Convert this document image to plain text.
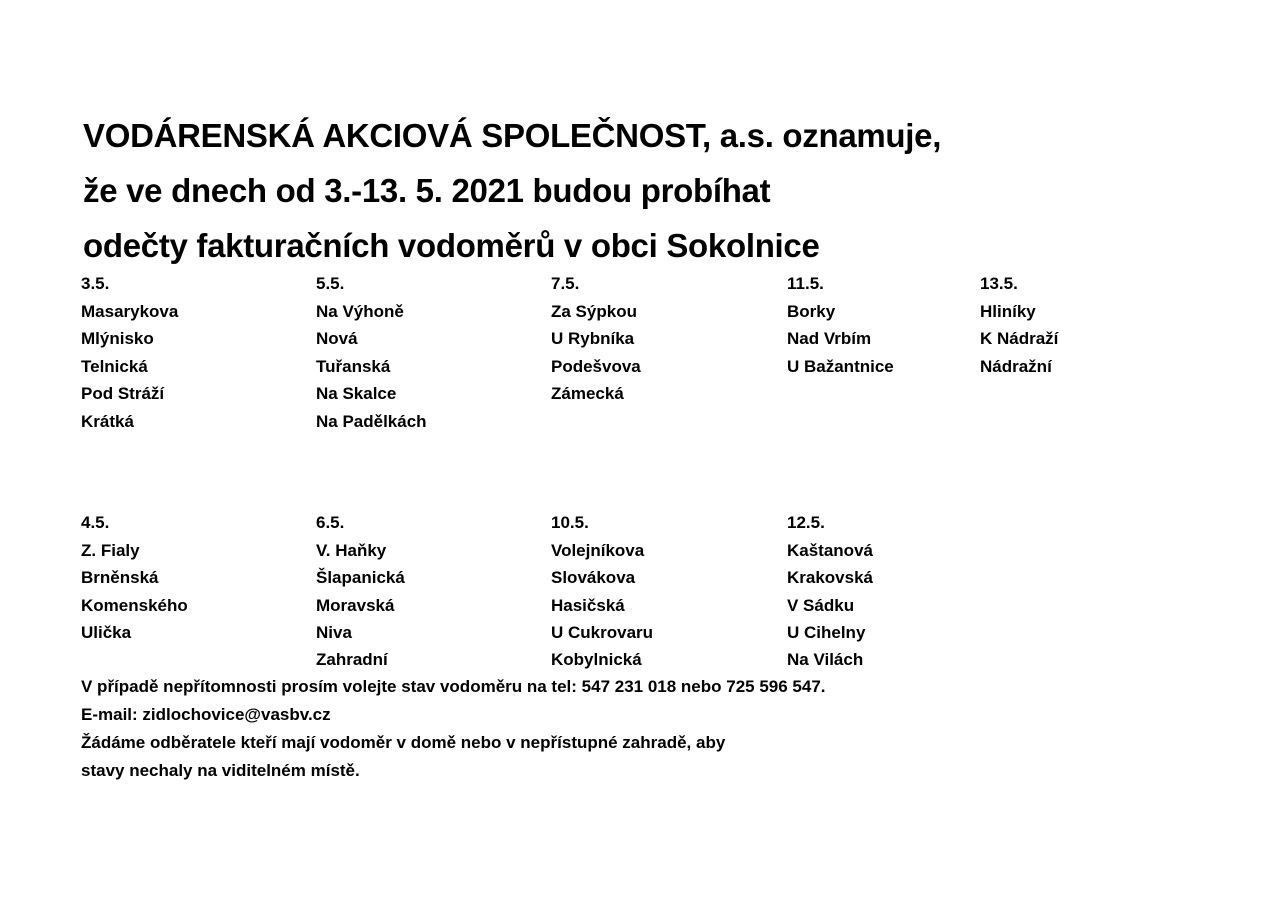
VODÁRENSKÁ AKCIOVÁ SPOLEČNOST, a.s. oznamuje,
že ve dnech od 3.-13. 5. 2021 budou probíhat
odečty fakturačních vodoměrů v obci Sokolnice
3.5.
Masarykova
Mlýnisko
Telnická
Pod Stráží
Krátká
5.5.
Na Výhoně
Nová
Tuřanská
Na Skalce
Na Padělkách
7.5.
Za Sýpkou
U Rybníka
Podešvova
Zámecká
11.5.
Borky
Nad Vrbím
U Bažantnice
13.5.
Hliníky
K Nádraží
Nádražní
4.5.
Z. Fialy
Brněnská
Komenského
Ulička
6.5.
V. Haňky
Šlapanická
Moravská
Niva
Zahradní
10.5.
Volejníkova
Slovákova
Hasičská
U Cukrovaru
Kobylnická
12.5.
Kaštanová
Krakovská
V Sádku
U Cihelny
Na Vilách
V případě nepřítomnosti prosím volejte stav vodoměru na tel: 547 231 018 nebo 725 596 547.
E-mail: zidlochovice@vasbv.cz
Žádáme odběratele kteří mají vodoměr v domě nebo v nepřístupné zahradě, aby
stavy nechaly na viditelném místě.
